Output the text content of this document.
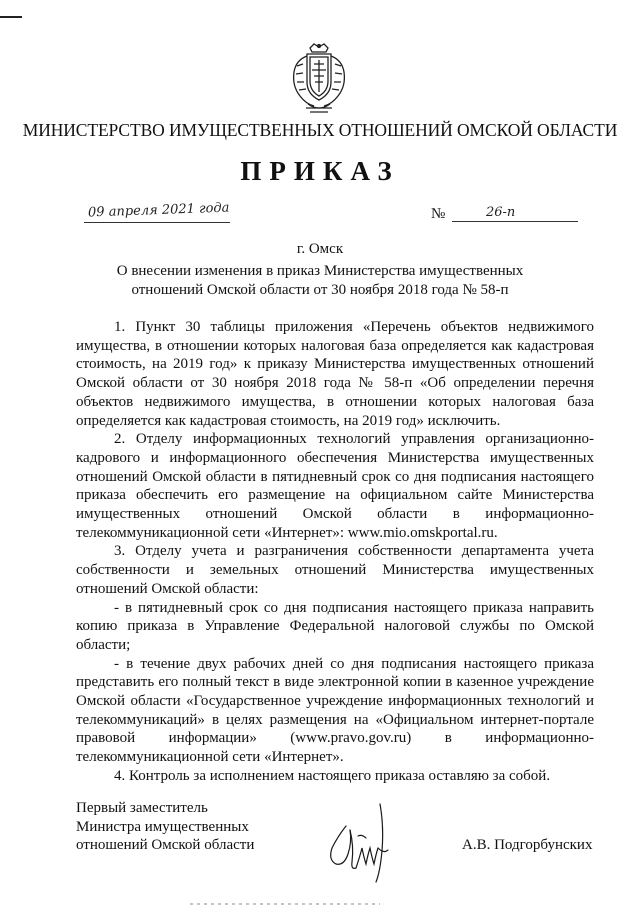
МИНИСТЕРСТВО ИМУЩЕСТВЕННЫХ ОТНОШЕНИЙ ОМСКОЙ ОБЛАСТИ
ПРИКАЗ
09 апреля 2021 года	№	26-п
г. Омск
О внесении изменения в приказ Министерства имущественных
отношений Омской области от 30 ноября 2018 года № 58-п

1. Пункт 30 таблицы приложения «Перечень объектов недвижимого имущества, в отношении которых налоговая база определяется как кадастровая стоимость, на 2019 год» к приказу Министерства имущественных отношений Омской области от 30 ноября 2018 года № 58-п «Об определении перечня объектов недвижимого имущества, в отношении которых налоговая база определяется как кадастровая стоимость, на 2019 год» исключить.

2. Отделу информационных технологий управления организационно-кадрового и информационного обеспечения Министерства имущественных отношений Омской области в пятидневный срок со дня подписания настоящего приказа обеспечить его размещение на официальном сайте Министерства имущественных отношений Омской области в информационно-телекоммуникационной сети «Интернет»: www.mio.omskportal.ru.

3. Отделу учета и разграничения собственности департамента учета собственности и земельных отношений Министерства имущественных отношений Омской области:

- в пятидневный срок со дня подписания настоящего приказа направить копию приказа в Управление Федеральной налоговой службы по Омской области;

- в течение двух рабочих дней со дня подписания настоящего приказа представить его полный текст в виде электронной копии в казенное учреждение Омской области «Государственное учреждение информационных технологий и телекоммуникаций» в целях размещения на «Официальном интернет-портале правовой информации» (www.pravo.gov.ru) в информационно-телекоммуникационной сети «Интернет».

4. Контроль за исполнением настоящего приказа оставляю за собой.

Первый заместитель
Министра имущественных
отношений Омской области	А.В. Подгорбунских
